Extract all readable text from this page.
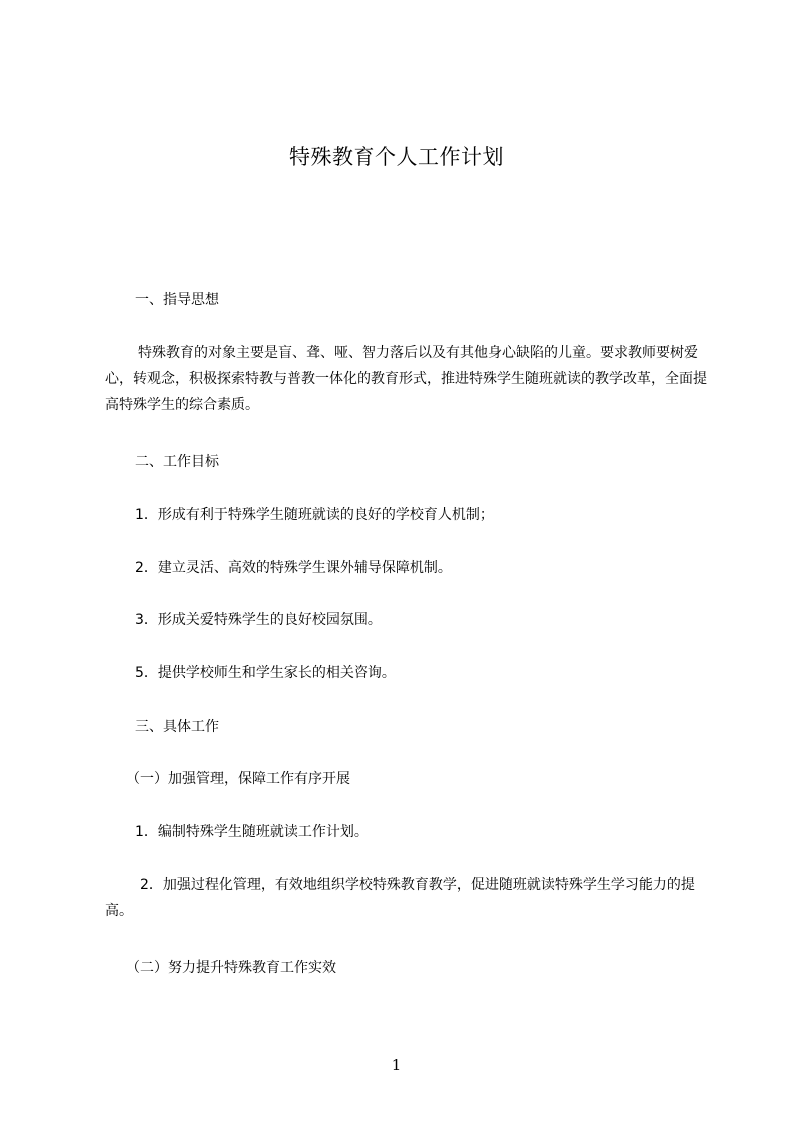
特殊教育个人工作计划

一、指导思想

特殊教育的对象主要是盲、聋、哑、智力落后以及有其他身心缺陷的儿童。要求教师要树爱心，转观念，积极探索特教与普教一体化的教育形式，推进特殊学生随班就读的教学改革，全面提高特殊学生的综合素质。

二、工作目标

1．形成有利于特殊学生随班就读的良好的学校育人机制；

2．建立灵活、高效的特殊学生课外辅导保障机制。

3．形成关爱特殊学生的良好校园氛围。

5．提供学校师生和学生家长的相关咨询。

三、具体工作

（一）加强管理，保障工作有序开展

1．编制特殊学生随班就读工作计划。

2．加强过程化管理，有效地组织学校特殊教育教学，促进随班就读特殊学生学习能力的提高。

（二）努力提升特殊教育工作实效

1
